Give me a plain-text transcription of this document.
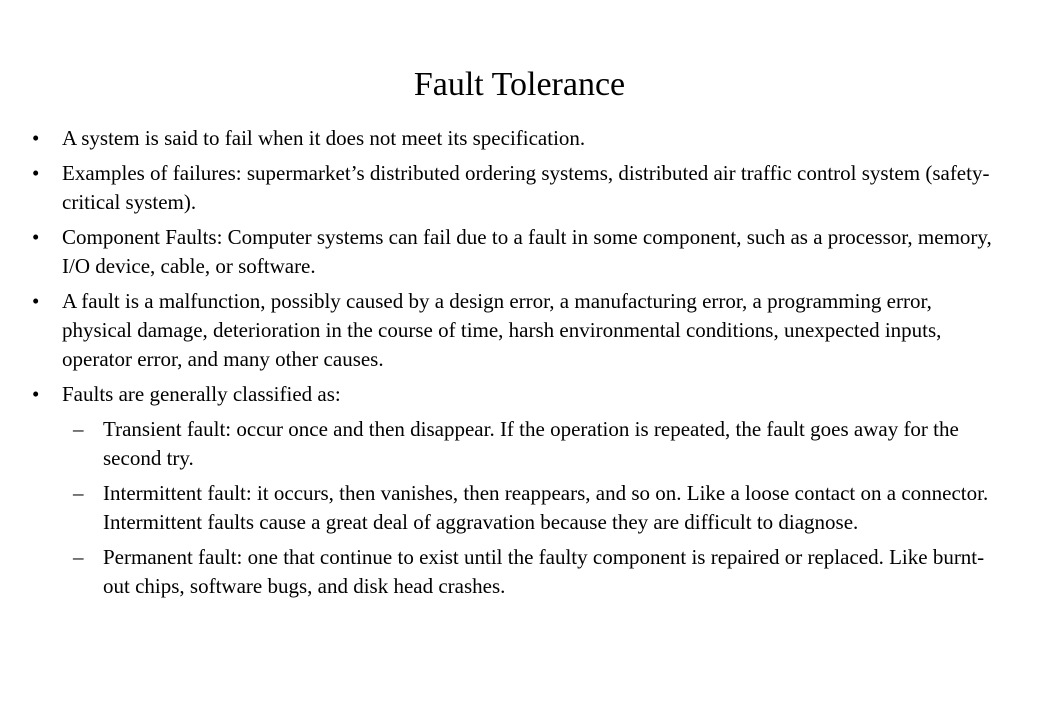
Fault Tolerance
•	A system is said to fail when it does not meet its specification.
•	Examples of failures: supermarket’s distributed ordering systems, distributed air traffic control system (safety-critical system).
•	Component Faults: Computer systems can fail due to a fault in some component, such as a processor, memory, I/O device, cable, or software.
•	A fault is a malfunction, possibly caused by a design error, a manufacturing error, a programming error, physical damage, deterioration in the course of time, harsh environmental conditions, unexpected inputs, operator error, and many other causes.
•	Faults are generally classified as:
– Transient fault: occur once and then disappear. If the operation is repeated, the fault goes away for the second try.
– Intermittent fault: it occurs, then vanishes, then reappears, and so on. Like a loose contact on a connector. Intermittent faults cause a great deal of aggravation because they are difficult to diagnose.
– Permanent fault: one that continue to exist until the faulty component is repaired or replaced. Like burnt-out chips, software bugs, and disk head crashes.
